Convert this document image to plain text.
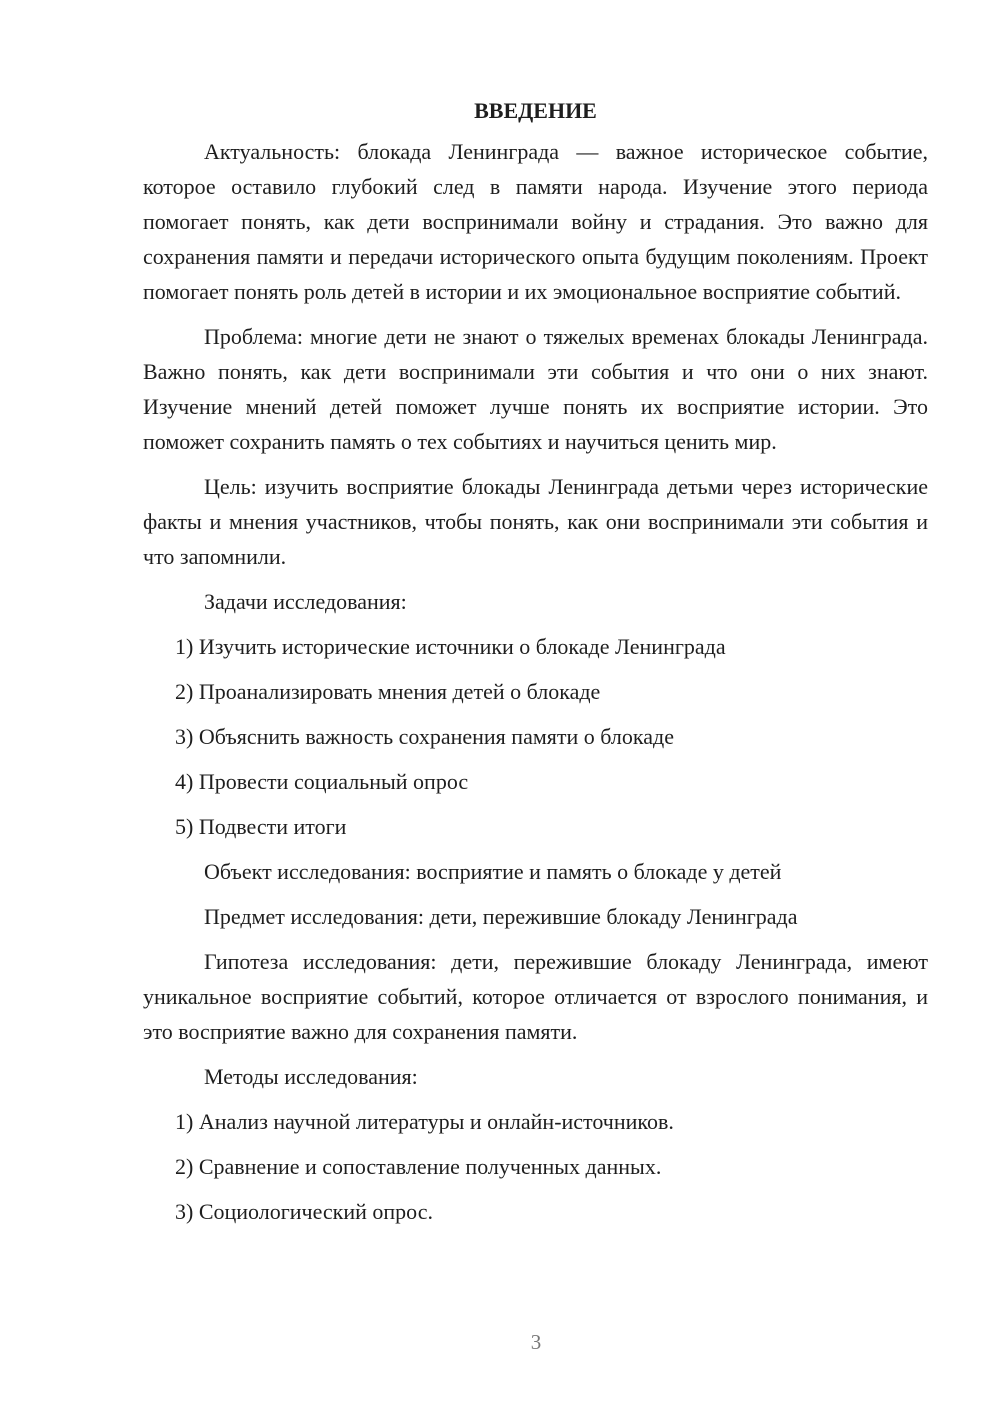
ВВЕДЕНИЕ

Актуальность: блокада Ленинграда — важное историческое событие, которое оставило глубокий след в памяти народа. Изучение этого периода помогает понять, как дети воспринимали войну и страдания. Это важно для сохранения памяти и передачи исторического опыта будущим поколениям. Проект помогает понять роль детей в истории и их эмоциональное восприятие событий.

Проблема: многие дети не знают о тяжелых временах блокады Ленинграда. Важно понять, как дети воспринимали эти события и что они о них знают. Изучение мнений детей поможет лучше понять их восприятие истории. Это поможет сохранить память о тех событиях и научиться ценить мир.

Цель: изучить восприятие блокады Ленинграда детьми через исторические факты и мнения участников, чтобы понять, как они воспринимали эти события и что запомнили.

Задачи исследования:
1) Изучить исторические источники о блокаде Ленинграда
2) Проанализировать мнения детей о блокаде
3) Объяснить важность сохранения памяти о блокаде
4) Провести социальный опрос
5) Подвести итоги
Объект исследования: восприятие и память о блокаде у детей
Предмет исследования: дети, пережившие блокаду Ленинграда

Гипотеза исследования: дети, пережившие блокаду Ленинграда, имеют уникальное восприятие событий, которое отличается от взрослого понимания, и это восприятие важно для сохранения памяти.

Методы исследования:
1) Анализ научной литературы и онлайн-источников.
2) Сравнение и сопоставление полученных данных.
3) Социологический опрос.
3
